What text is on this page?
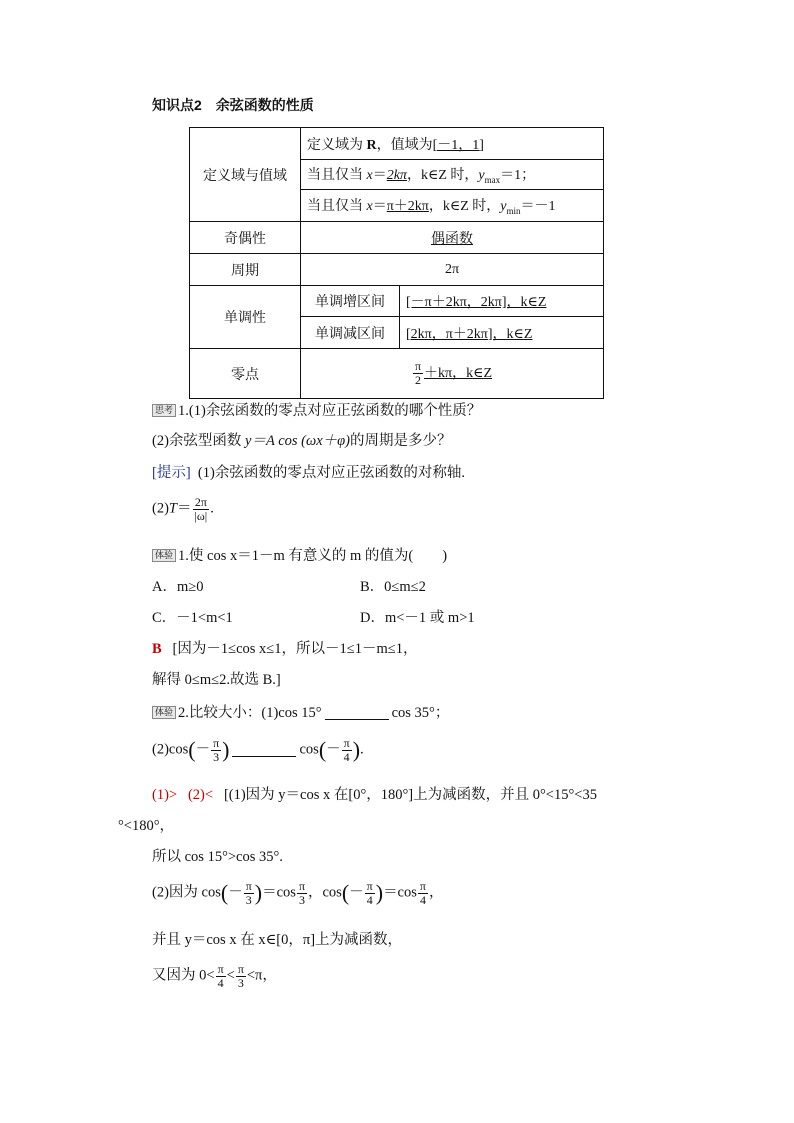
知识点2　余弦函数的性质
定义域与值域	定义域为 R，值域为[－1，1]	
	当且仅当 x＝2kπ，k∈Z 时，$y_{max}=1$；	
	当且仅当 x＝π＋2kπ，k∈Z 时，$y_{min}=-1$	
奇偶性	偶函数	
周期	2π	
单调性	单调增区间	[－π＋2kπ，2kπ]，k∈Z
	单调减区间	[2kπ，π＋2kπ]，k∈Z
零点	$\frac{\pi}{2} +k\pi$，k∈Z	
思考 1.(1)余弦函数的零点对应正弦函数的哪个性质？
(2)余弦型函数 y＝A cos (ωx＋φ)的周期是多少？
[提示] (1)余弦函数的零点对应正弦函数的对称轴.
$(2)T= \frac{2\pi}{|\omega|}$ .
体验 1.使 cos x＝1－m 有意义的 m 的值为(　　)
A．m≥0	B．0≤m≤2
C．－1<m<1	D．m<－1 或 m>1
B [因为－1≤cos x≤1，所以－1≤1－m≤1，
解得 0≤m≤2.故选 B.]
体验 2.比较大小：(1)cos 15°	cos 35°；
$(2)\cos(- \frac{\pi}{3}$ )	$\cos(- \frac{\pi}{4}$ ).
(1)> (2)< [(1)因为 y＝cos x 在[0°，180°]上为减函数，并且 0°<15°<35
°<180°，
所以 cos 15°>cos 35°.
(2)因为 $\cos(- \frac{\pi}{3} )=\cos \frac{\pi}{3}$ ，$\cos(- \frac{\pi}{4} )=\cos \frac{\pi}{4}$ ，
并且 y＝cos x 在 x∈[0，π]上为减函数，
又因为 $0< \frac{\pi}{4} < \frac{\pi}{3} <\pi$，
